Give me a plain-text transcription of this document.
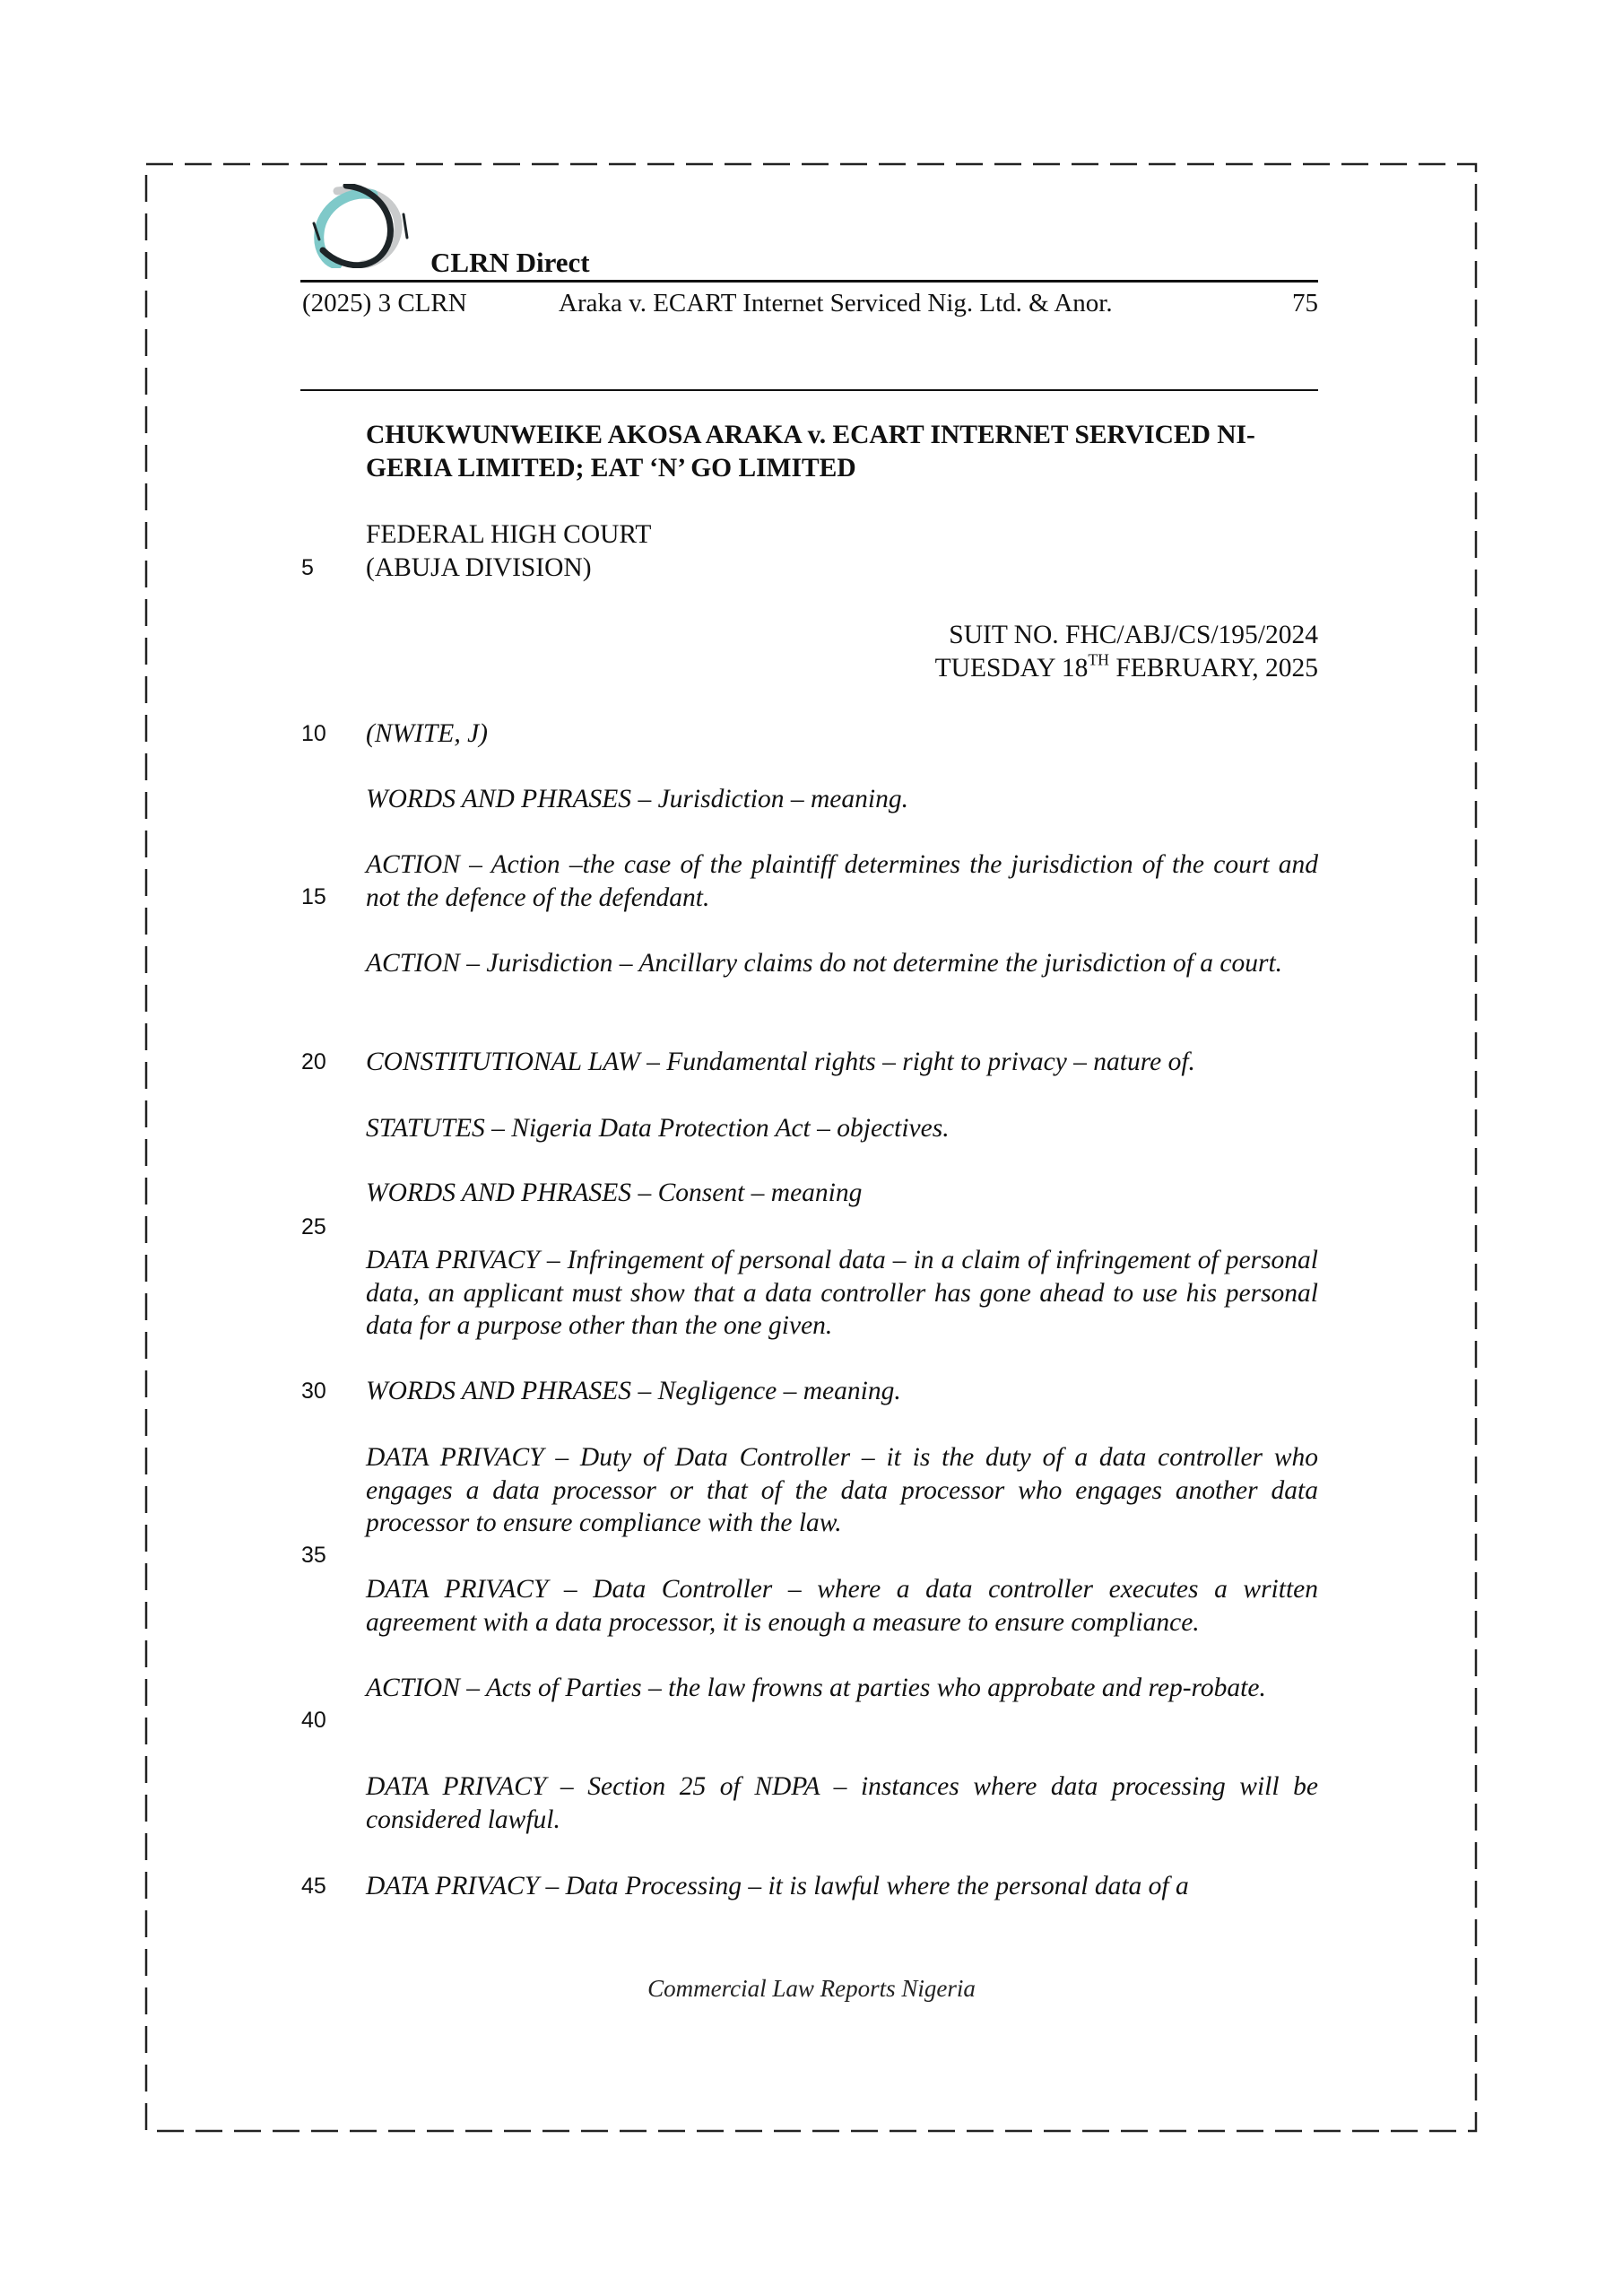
CLRN Direct
(2025) 3 CLRN	Araka v. ECART Internet Serviced Nig. Ltd. & Anor.	75
CHUKWUNWEIKE AKOSA ARAKA v. ECART INTERNET SERVICED NI-
GERIA LIMITED; EAT ‘N’ GO LIMITED
FEDERAL HIGH COURT
(ABUJA DIVISION)
SUIT NO. FHC/ABJ/CS/195/2024
TUESDAY 18TH FEBRUARY, 2025
(NWITE, J)
WORDS AND PHRASES – Jurisdiction – meaning.
ACTION – Action –the case of the plaintiff determines the jurisdiction of the court and not the defence of the defendant.
ACTION – Jurisdiction – Ancillary claims do not determine the jurisdiction of a court.
CONSTITUTIONAL LAW – Fundamental rights – right to privacy – nature of.
STATUTES – Nigeria Data Protection Act – objectives.
WORDS AND PHRASES – Consent – meaning
DATA PRIVACY – Infringement of personal data – in a claim of infringement of personal data, an applicant must show that a data controller has gone ahead to use his personal data for a purpose other than the one given.
WORDS AND PHRASES – Negligence – meaning.
DATA PRIVACY – Duty of Data Controller – it is the duty of a data controller who engages a data processor or that of the data processor who engages another data processor to ensure compliance with the law.
DATA PRIVACY – Data Controller – where a data controller executes a written agreement with a data processor, it is enough a measure to ensure compliance.
ACTION – Acts of Parties – the law frowns at parties who approbate and rep-robate.
DATA PRIVACY – Section 25 of NDPA – instances where data processing will be considered lawful.
DATA PRIVACY – Data Processing – it is lawful where the personal data of a
5
10
15
20
25
30
35
40
45
Commercial Law Reports Nigeria
